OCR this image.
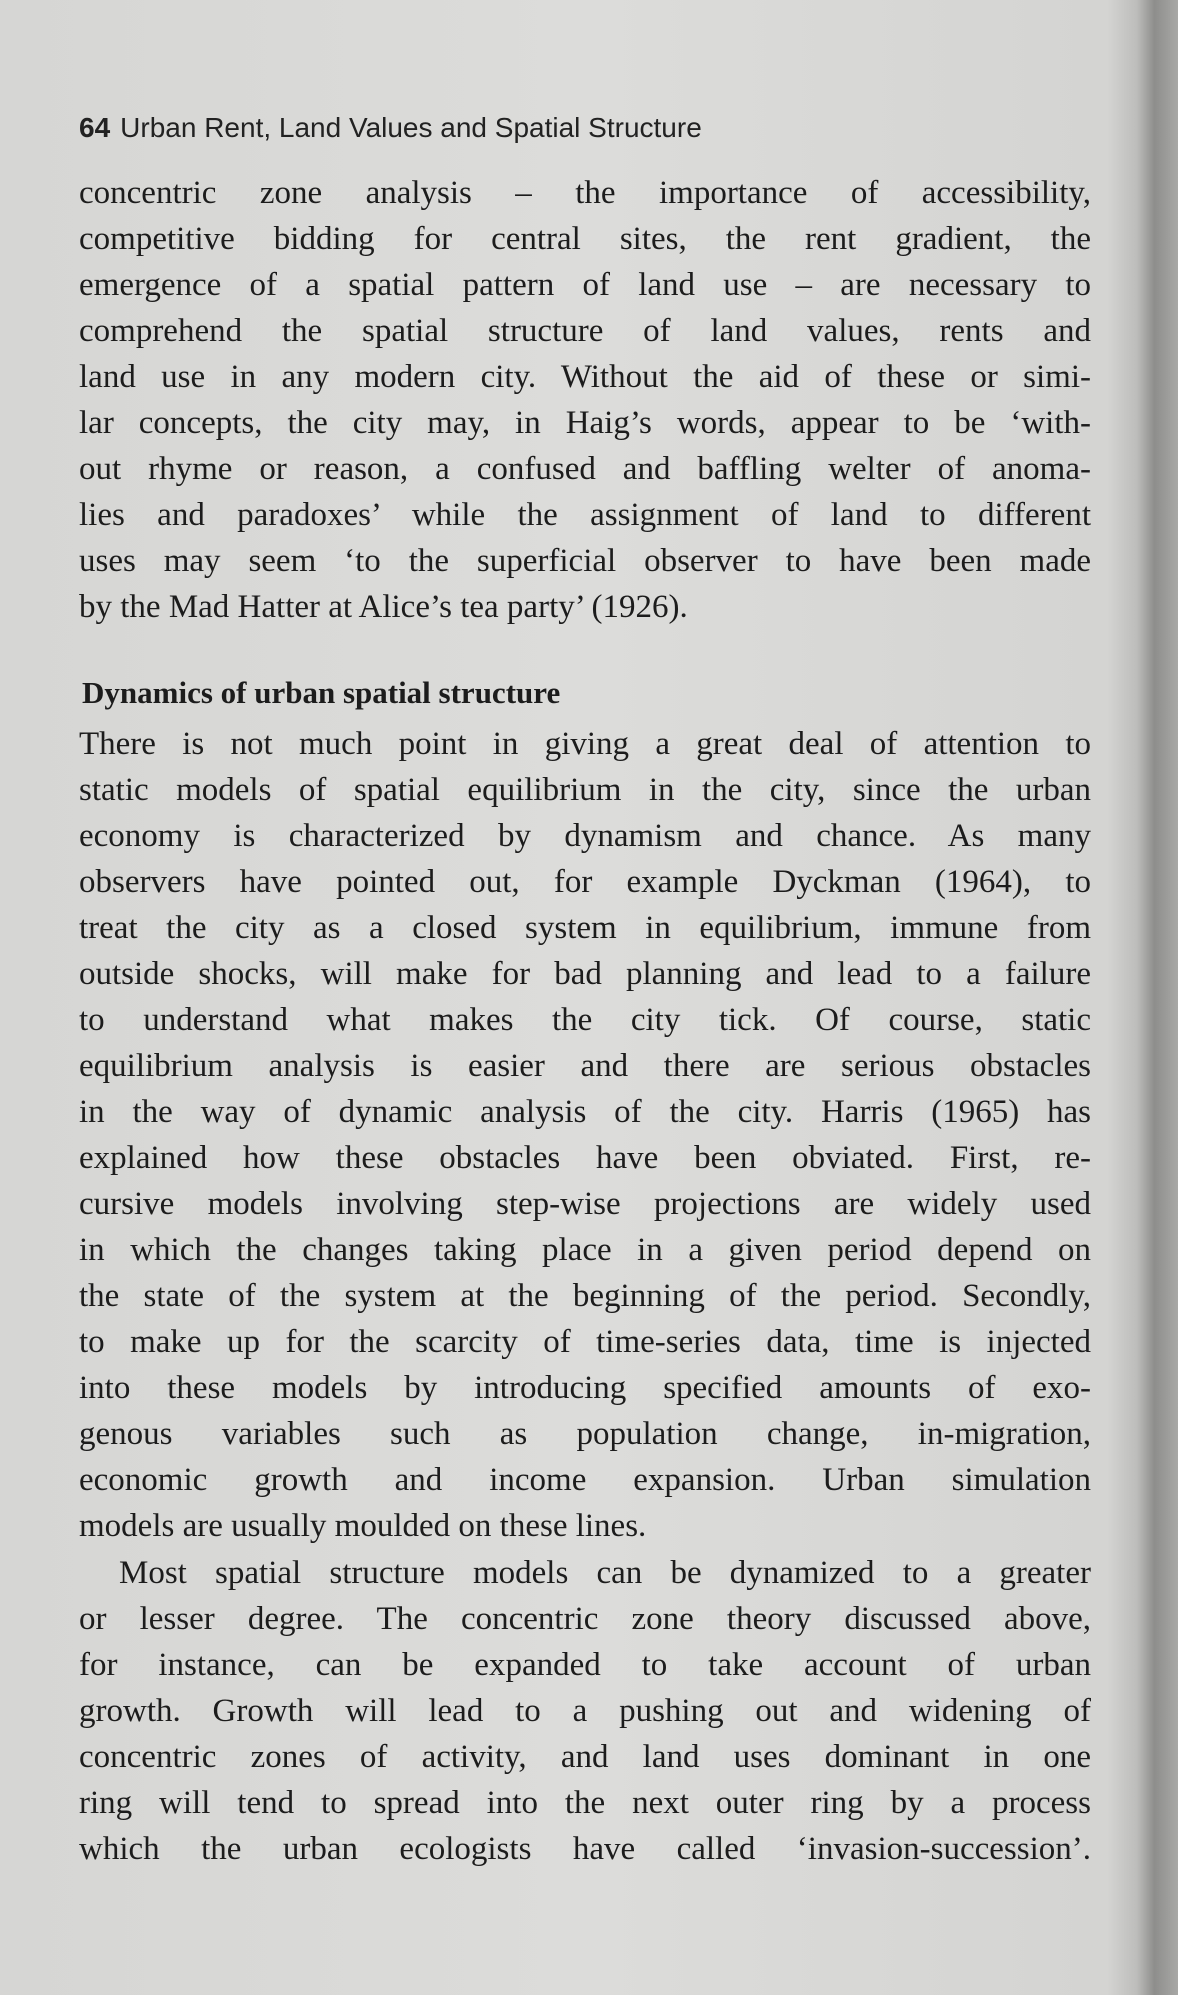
64 Urban Rent, Land Values and Spatial Structure
concentric zone analysis – the importance of accessibility,
competitive bidding for central sites, the rent gradient, the
emergence of a spatial pattern of land use – are necessary to
comprehend the spatial structure of land values, rents and
land use in any modern city. Without the aid of these or simi-
lar concepts, the city may, in Haig’s words, appear to be ‘with-
out rhyme or reason, a confused and baffling welter of anoma-
lies and paradoxes’ while the assignment of land to different
uses may seem ‘to the superficial observer to have been made
by the Mad Hatter at Alice’s tea party’ (1926).
Dynamics of urban spatial structure
There is not much point in giving a great deal of attention to
static models of spatial equilibrium in the city, since the urban
economy is characterized by dynamism and chance. As many
observers have pointed out, for example Dyckman (1964), to
treat the city as a closed system in equilibrium, immune from
outside shocks, will make for bad planning and lead to a failure
to understand what makes the city tick. Of course, static
equilibrium analysis is easier and there are serious obstacles
in the way of dynamic analysis of the city. Harris (1965) has
explained how these obstacles have been obviated. First, re-
cursive models involving step-wise projections are widely used
in which the changes taking place in a given period depend on
the state of the system at the beginning of the period. Secondly,
to make up for the scarcity of time-series data, time is injected
into these models by introducing specified amounts of exo-
genous variables such as population change, in-migration,
economic growth and income expansion. Urban simulation
models are usually moulded on these lines.
Most spatial structure models can be dynamized to a greater
or lesser degree. The concentric zone theory discussed above,
for instance, can be expanded to take account of urban
growth. Growth will lead to a pushing out and widening of
concentric zones of activity, and land uses dominant in one
ring will tend to spread into the next outer ring by a process
which the urban ecologists have called ‘invasion-succession’.
